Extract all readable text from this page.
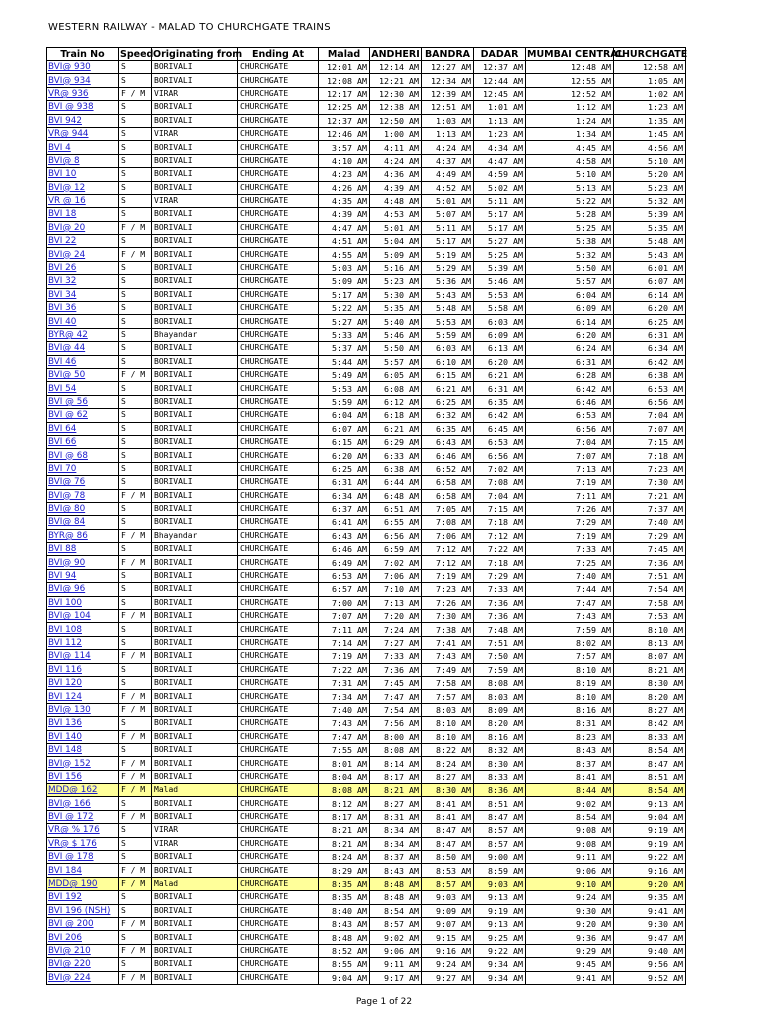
WESTERN RAILWAY - MALAD TO CHURCHGATE TRAINS
Train No	Speed	Originating from	Ending At	Malad	ANDHERI	BANDRA	DADAR	MUMBAI CENTRAL	CHURCHGATE
BVI@ 930	S	BORIVALI	CHURCHGATE	12:01 AM	12:14 AM	12:27 AM	12:37 AM	12:48 AM	12:58 AM
BVI@ 934	S	BORIVALI	CHURCHGATE	12:08 AM	12:21 AM	12:34 AM	12:44 AM	12:55 AM	1:05 AM
VR@ 936	F / M	VIRAR	CHURCHGATE	12:17 AM	12:30 AM	12:39 AM	12:45 AM	12:52 AM	1:02 AM
BVI @ 938	S	BORIVALI	CHURCHGATE	12:25 AM	12:38 AM	12:51 AM	1:01 AM	1:12 AM	1:23 AM
BVI 942	S	BORIVALI	CHURCHGATE	12:37 AM	12:50 AM	1:03 AM	1:13 AM	1:24 AM	1:35 AM
VR@ 944	S	VIRAR	CHURCHGATE	12:46 AM	1:00 AM	1:13 AM	1:23 AM	1:34 AM	1:45 AM
BVI 4	S	BORIVALI	CHURCHGATE	3:57 AM	4:11 AM	4:24 AM	4:34 AM	4:45 AM	4:56 AM
BVI@ 8	S	BORIVALI	CHURCHGATE	4:10 AM	4:24 AM	4:37 AM	4:47 AM	4:58 AM	5:10 AM
BVI 10	S	BORIVALI	CHURCHGATE	4:23 AM	4:36 AM	4:49 AM	4:59 AM	5:10 AM	5:20 AM
BVI@ 12	S	BORIVALI	CHURCHGATE	4:26 AM	4:39 AM	4:52 AM	5:02 AM	5:13 AM	5:23 AM
VR @ 16	S	VIRAR	CHURCHGATE	4:35 AM	4:48 AM	5:01 AM	5:11 AM	5:22 AM	5:32 AM
BVI 18	S	BORIVALI	CHURCHGATE	4:39 AM	4:53 AM	5:07 AM	5:17 AM	5:28 AM	5:39 AM
BVI@ 20	F / M	BORIVALI	CHURCHGATE	4:47 AM	5:01 AM	5:11 AM	5:17 AM	5:25 AM	5:35 AM
BVI 22	S	BORIVALI	CHURCHGATE	4:51 AM	5:04 AM	5:17 AM	5:27 AM	5:38 AM	5:48 AM
BVI@ 24	F / M	BORIVALI	CHURCHGATE	4:55 AM	5:09 AM	5:19 AM	5:25 AM	5:32 AM	5:43 AM
BVI 26	S	BORIVALI	CHURCHGATE	5:03 AM	5:16 AM	5:29 AM	5:39 AM	5:50 AM	6:01 AM
BVI 32	S	BORIVALI	CHURCHGATE	5:09 AM	5:23 AM	5:36 AM	5:46 AM	5:57 AM	6:07 AM
BVI 34	S	BORIVALI	CHURCHGATE	5:17 AM	5:30 AM	5:43 AM	5:53 AM	6:04 AM	6:14 AM
BVI 36	S	BORIVALI	CHURCHGATE	5:22 AM	5:35 AM	5:48 AM	5:58 AM	6:09 AM	6:20 AM
BVI 40	S	BORIVALI	CHURCHGATE	5:27 AM	5:40 AM	5:53 AM	6:03 AM	6:14 AM	6:25 AM
BYR@ 42	S	Bhayandar	CHURCHGATE	5:33 AM	5:46 AM	5:59 AM	6:09 AM	6:20 AM	6:31 AM
BVI@ 44	S	BORIVALI	CHURCHGATE	5:37 AM	5:50 AM	6:03 AM	6:13 AM	6:24 AM	6:34 AM
BVI 46	S	BORIVALI	CHURCHGATE	5:44 AM	5:57 AM	6:10 AM	6:20 AM	6:31 AM	6:42 AM
BVI@ 50	F / M	BORIVALI	CHURCHGATE	5:49 AM	6:05 AM	6:15 AM	6:21 AM	6:28 AM	6:38 AM
BVI 54	S	BORIVALI	CHURCHGATE	5:53 AM	6:08 AM	6:21 AM	6:31 AM	6:42 AM	6:53 AM
BVI @ 56	S	BORIVALI	CHURCHGATE	5:59 AM	6:12 AM	6:25 AM	6:35 AM	6:46 AM	6:56 AM
BVI @ 62	S	BORIVALI	CHURCHGATE	6:04 AM	6:18 AM	6:32 AM	6:42 AM	6:53 AM	7:04 AM
BVI 64	S	BORIVALI	CHURCHGATE	6:07 AM	6:21 AM	6:35 AM	6:45 AM	6:56 AM	7:07 AM
BVI 66	S	BORIVALI	CHURCHGATE	6:15 AM	6:29 AM	6:43 AM	6:53 AM	7:04 AM	7:15 AM
BVI @ 68	S	BORIVALI	CHURCHGATE	6:20 AM	6:33 AM	6:46 AM	6:56 AM	7:07 AM	7:18 AM
BVI 70	S	BORIVALI	CHURCHGATE	6:25 AM	6:38 AM	6:52 AM	7:02 AM	7:13 AM	7:23 AM
BVI@ 76	S	BORIVALI	CHURCHGATE	6:31 AM	6:44 AM	6:58 AM	7:08 AM	7:19 AM	7:30 AM
BVI@ 78	F / M	BORIVALI	CHURCHGATE	6:34 AM	6:48 AM	6:58 AM	7:04 AM	7:11 AM	7:21 AM
BVI@ 80	S	BORIVALI	CHURCHGATE	6:37 AM	6:51 AM	7:05 AM	7:15 AM	7:26 AM	7:37 AM
BVI@ 84	S	BORIVALI	CHURCHGATE	6:41 AM	6:55 AM	7:08 AM	7:18 AM	7:29 AM	7:40 AM
BYR@ 86	F / M	Bhayandar	CHURCHGATE	6:43 AM	6:56 AM	7:06 AM	7:12 AM	7:19 AM	7:29 AM
BVI 88	S	BORIVALI	CHURCHGATE	6:46 AM	6:59 AM	7:12 AM	7:22 AM	7:33 AM	7:45 AM
BVI@ 90	F / M	BORIVALI	CHURCHGATE	6:49 AM	7:02 AM	7:12 AM	7:18 AM	7:25 AM	7:36 AM
BVI 94	S	BORIVALI	CHURCHGATE	6:53 AM	7:06 AM	7:19 AM	7:29 AM	7:40 AM	7:51 AM
BVI@ 96	S	BORIVALI	CHURCHGATE	6:57 AM	7:10 AM	7:23 AM	7:33 AM	7:44 AM	7:54 AM
BVI 100	S	BORIVALI	CHURCHGATE	7:00 AM	7:13 AM	7:26 AM	7:36 AM	7:47 AM	7:58 AM
BVI@ 104	F / M	BORIVALI	CHURCHGATE	7:07 AM	7:20 AM	7:30 AM	7:36 AM	7:43 AM	7:53 AM
BVI 108	S	BORIVALI	CHURCHGATE	7:11 AM	7:24 AM	7:38 AM	7:48 AM	7:59 AM	8:10 AM
BVI 112	S	BORIVALI	CHURCHGATE	7:14 AM	7:27 AM	7:41 AM	7:51 AM	8:02 AM	8:13 AM
BVI@ 114	F / M	BORIVALI	CHURCHGATE	7:19 AM	7:33 AM	7:43 AM	7:50 AM	7:57 AM	8:07 AM
BVI 116	S	BORIVALI	CHURCHGATE	7:22 AM	7:36 AM	7:49 AM	7:59 AM	8:10 AM	8:21 AM
BVI 120	S	BORIVALI	CHURCHGATE	7:31 AM	7:45 AM	7:58 AM	8:08 AM	8:19 AM	8:30 AM
BVI 124	F / M	BORIVALI	CHURCHGATE	7:34 AM	7:47 AM	7:57 AM	8:03 AM	8:10 AM	8:20 AM
BVI@ 130	F / M	BORIVALI	CHURCHGATE	7:40 AM	7:54 AM	8:03 AM	8:09 AM	8:16 AM	8:27 AM
BVI 136	S	BORIVALI	CHURCHGATE	7:43 AM	7:56 AM	8:10 AM	8:20 AM	8:31 AM	8:42 AM
BVI 140	F / M	BORIVALI	CHURCHGATE	7:47 AM	8:00 AM	8:10 AM	8:16 AM	8:23 AM	8:33 AM
BVI 148	S	BORIVALI	CHURCHGATE	7:55 AM	8:08 AM	8:22 AM	8:32 AM	8:43 AM	8:54 AM
BVI@ 152	F / M	BORIVALI	CHURCHGATE	8:01 AM	8:14 AM	8:24 AM	8:30 AM	8:37 AM	8:47 AM
BVI 156	F / M	BORIVALI	CHURCHGATE	8:04 AM	8:17 AM	8:27 AM	8:33 AM	8:41 AM	8:51 AM
MDD@ 162	F / M	Malad	CHURCHGATE	8:08 AM	8:21 AM	8:30 AM	8:36 AM	8:44 AM	8:54 AM
BVI@ 166	S	BORIVALI	CHURCHGATE	8:12 AM	8:27 AM	8:41 AM	8:51 AM	9:02 AM	9:13 AM
BVI @ 172	F / M	BORIVALI	CHURCHGATE	8:17 AM	8:31 AM	8:41 AM	8:47 AM	8:54 AM	9:04 AM
VR@ % 176	S	VIRAR	CHURCHGATE	8:21 AM	8:34 AM	8:47 AM	8:57 AM	9:08 AM	9:19 AM
VR@ $ 176	S	VIRAR	CHURCHGATE	8:21 AM	8:34 AM	8:47 AM	8:57 AM	9:08 AM	9:19 AM
BVI @ 178	S	BORIVALI	CHURCHGATE	8:24 AM	8:37 AM	8:50 AM	9:00 AM	9:11 AM	9:22 AM
BVI 184	F / M	BORIVALI	CHURCHGATE	8:29 AM	8:43 AM	8:53 AM	8:59 AM	9:06 AM	9:16 AM
MDD@ 190	F / M	Malad	CHURCHGATE	8:35 AM	8:48 AM	8:57 AM	9:03 AM	9:10 AM	9:20 AM
BVI 192	S	BORIVALI	CHURCHGATE	8:35 AM	8:48 AM	9:03 AM	9:13 AM	9:24 AM	9:35 AM
BVI 196 (NSH)	S	BORIVALI	CHURCHGATE	8:40 AM	8:54 AM	9:09 AM	9:19 AM	9:30 AM	9:41 AM
BVI @ 200	F / M	BORIVALI	CHURCHGATE	8:43 AM	8:57 AM	9:07 AM	9:13 AM	9:20 AM	9:30 AM
BVI 206	S	BORIVALI	CHURCHGATE	8:48 AM	9:02 AM	9:15 AM	9:25 AM	9:36 AM	9:47 AM
BVI@ 210	F / M	BORIVALI	CHURCHGATE	8:52 AM	9:06 AM	9:16 AM	9:22 AM	9:29 AM	9:40 AM
BVI@ 220	S	BORIVALI	CHURCHGATE	8:55 AM	9:11 AM	9:24 AM	9:34 AM	9:45 AM	9:56 AM
BVI@ 224	F / M	BORIVALI	CHURCHGATE	9:04 AM	9:17 AM	9:27 AM	9:34 AM	9:41 AM	9:52 AM
Page 1 of 22
